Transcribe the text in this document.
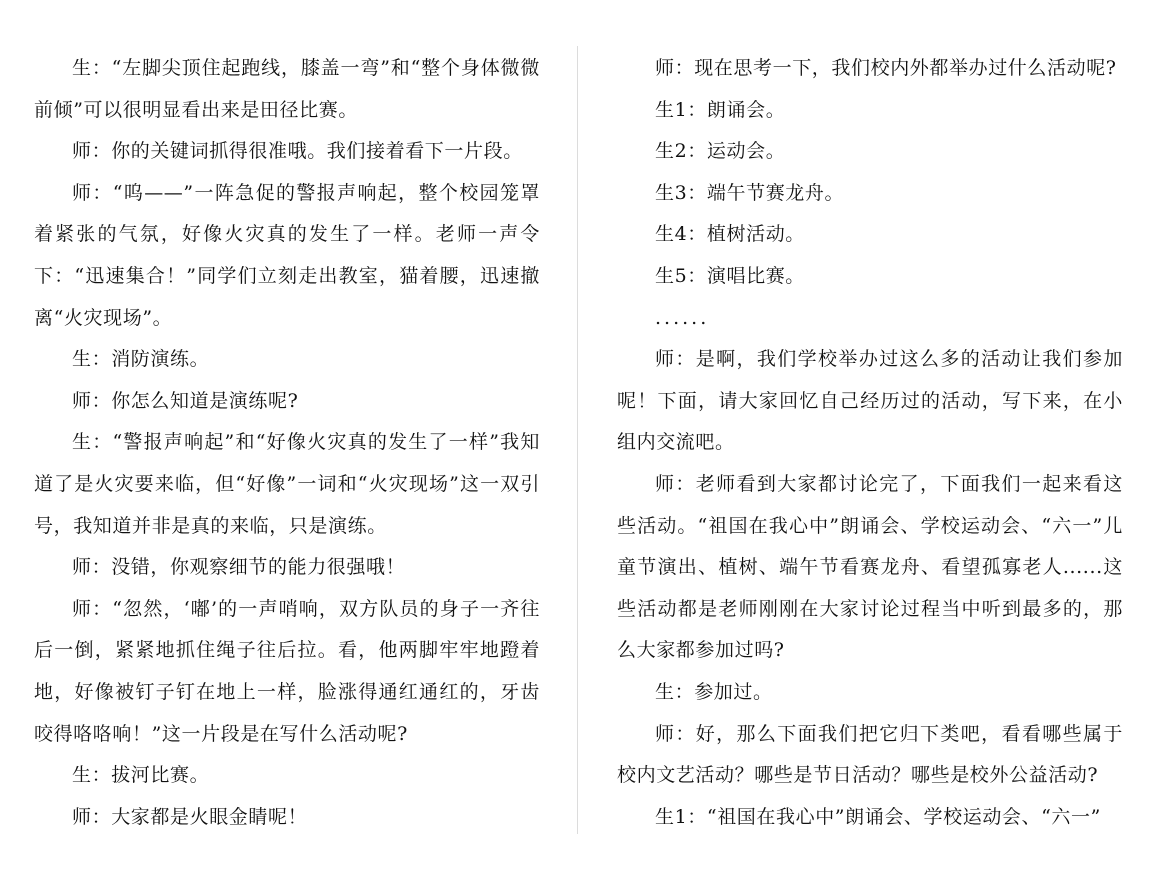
生：“左脚尖顶住起跑线，膝盖一弯”和“整个身体微微前倾”可以很明显看出来是田径比赛。

师：你的关键词抓得很准哦。我们接着看下一片段。

师：“呜——”一阵急促的警报声响起，整个校园笼罩着紧张的气氛，好像火灾真的发生了一样。老师一声令下：“迅速集合！”同学们立刻走出教室，猫着腰，迅速撤离“火灾现场”。

生：消防演练。

师：你怎么知道是演练呢?

生：“警报声响起”和“好像火灾真的发生了一样”我知道了是火灾要来临，但“好像”一词和“火灾现场”这一双引号，我知道并非是真的来临，只是演练。

师：没错，你观察细节的能力很强哦！

师：“忽然，‘嘟’的一声哨响，双方队员的身子一齐往后一倒，紧紧地抓住绳子往后拉。看，他两脚牢牢地蹬着地，好像被钉子钉在地上一样，脸涨得通红通红的，牙齿咬得咯咯响！”这一片段是在写什么活动呢?

生：拔河比赛。

师：大家都是火眼金睛呢！

师：现在思考一下，我们校内外都举办过什么活动呢?

生1：朗诵会。

生2：运动会。

生3：端午节赛龙舟。

生4：植树活动。

生5：演唱比赛。

......

师：是啊，我们学校举办过这么多的活动让我们参加呢！下面，请大家回忆自己经历过的活动，写下来，在小组内交流吧。

师：老师看到大家都讨论完了，下面我们一起来看这些活动。“祖国在我心中”朗诵会、学校运动会、“六一”儿童节演出、植树、端午节看赛龙舟、看望孤寡老人......这些活动都是老师刚刚在大家讨论过程当中听到最多的，那么大家都参加过吗?

生：参加过。

师：好，那么下面我们把它归下类吧，看看哪些属于校内文艺活动？哪些是节日活动？哪些是校外公益活动?

生1：“祖国在我心中”朗诵会、学校运动会、“六一”
